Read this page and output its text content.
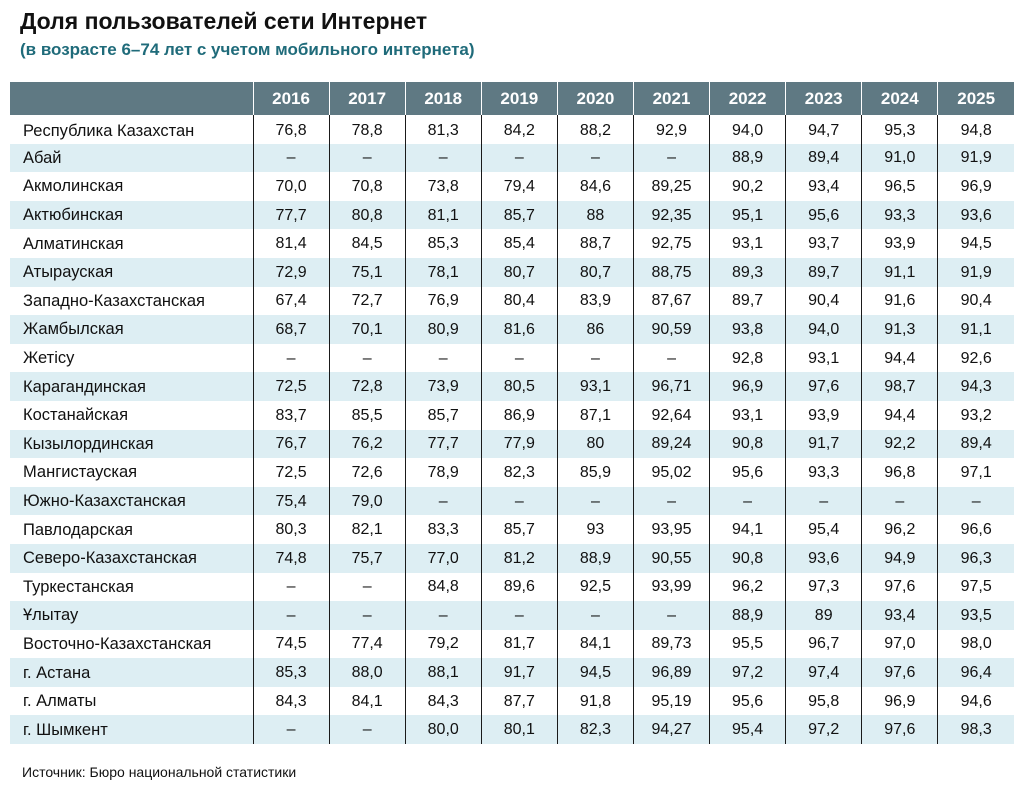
Доля пользователей сети Интернет
(в возрасте 6–74 лет с учетом мобильного интернета)
	2016	2017	2018	2019	2020	2021	2022	2023	2024	2025
Республика Казахстан	76,8	78,8	81,3	84,2	88,2	92,9	94,0	94,7	95,3	94,8
Абай	–	–	–	–	–	–	88,9	89,4	91,0	91,9
Акмолинская	70,0	70,8	73,8	79,4	84,6	89,25	90,2	93,4	96,5	96,9
Актюбинская	77,7	80,8	81,1	85,7	88	92,35	95,1	95,6	93,3	93,6
Алматинская	81,4	84,5	85,3	85,4	88,7	92,75	93,1	93,7	93,9	94,5
Атырауская	72,9	75,1	78,1	80,7	80,7	88,75	89,3	89,7	91,1	91,9
Западно-Казахстанская	67,4	72,7	76,9	80,4	83,9	87,67	89,7	90,4	91,6	90,4
Жамбылская	68,7	70,1	80,9	81,6	86	90,59	93,8	94,0	91,3	91,1
Жетісу	–	–	–	–	–	–	92,8	93,1	94,4	92,6
Карагандинская	72,5	72,8	73,9	80,5	93,1	96,71	96,9	97,6	98,7	94,3
Костанайская	83,7	85,5	85,7	86,9	87,1	92,64	93,1	93,9	94,4	93,2
Кызылординская	76,7	76,2	77,7	77,9	80	89,24	90,8	91,7	92,2	89,4
Мангистауская	72,5	72,6	78,9	82,3	85,9	95,02	95,6	93,3	96,8	97,1
Южно-Казахстанская	75,4	79,0	–	–	–	–	–	–	–	–
Павлодарская	80,3	82,1	83,3	85,7	93	93,95	94,1	95,4	96,2	96,6
Северо-Казахстанская	74,8	75,7	77,0	81,2	88,9	90,55	90,8	93,6	94,9	96,3
Туркестанская	–	–	84,8	89,6	92,5	93,99	96,2	97,3	97,6	97,5
Ұлытау	–	–	–	–	–	–	88,9	89	93,4	93,5
Восточно-Казахстанская	74,5	77,4	79,2	81,7	84,1	89,73	95,5	96,7	97,0	98,0
г. Астана	85,3	88,0	88,1	91,7	94,5	96,89	97,2	97,4	97,6	96,4
г. Алматы	84,3	84,1	84,3	87,7	91,8	95,19	95,6	95,8	96,9	94,6
г. Шымкент	–	–	80,0	80,1	82,3	94,27	95,4	97,2	97,6	98,3
Источник: Бюро национальной статистики
